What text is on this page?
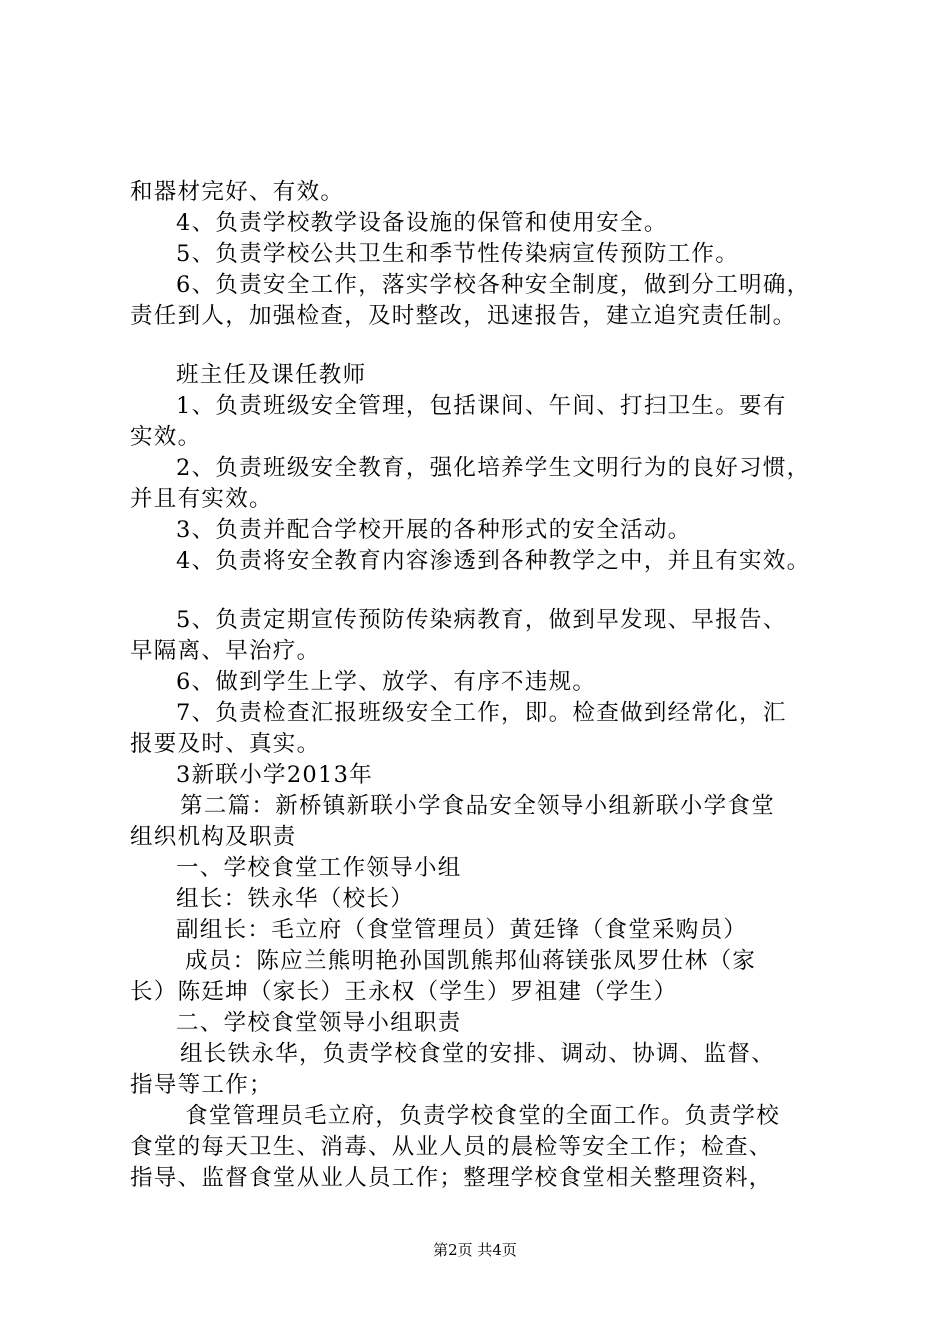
和器材完好、有效。
4、负责学校教学设备设施的保管和使用安全。
5、负责学校公共卫生和季节性传染病宣传预防工作。
6、负责安全工作，落实学校各种安全制度，做到分工明确，
责任到人，加强检查，及时整改，迅速报告，建立追究责任制。
班主任及课任教师
1、负责班级安全管理，包括课间、午间、打扫卫生。要有
实效。
2、负责班级安全教育，强化培养学生文明行为的良好习惯，
并且有实效。
3、负责并配合学校开展的各种形式的安全活动。
4、负责将安全教育内容渗透到各种教学之中，并且有实效。
5、负责定期宣传预防传染病教育，做到早发现、早报告、
早隔离、早治疗。
6、做到学生上学、放学、有序不违规。
7、负责检查汇报班级安全工作，即。检查做到经常化，汇
报要及时、真实。
3新联小学2013年
第二篇：新桥镇新联小学食品安全领导小组新联小学食堂
组织机构及职责
一、学校食堂工作领导小组
组长：铁永华（校长）
副组长：毛立府（食堂管理员）黄廷锋（食堂采购员）
成员：陈应兰熊明艳孙国凯熊邦仙蒋镁张凤罗仕林（家
长）陈廷坤（家长）王永权（学生）罗祖建（学生）
二、学校食堂领导小组职责
组长铁永华，负责学校食堂的安排、调动、协调、监督、
指导等工作；
食堂管理员毛立府，负责学校食堂的全面工作。负责学校
食堂的每天卫生、消毒、从业人员的晨检等安全工作；检查、
指导、监督食堂从业人员工作；整理学校食堂相关整理资料，
第2页 共4页
